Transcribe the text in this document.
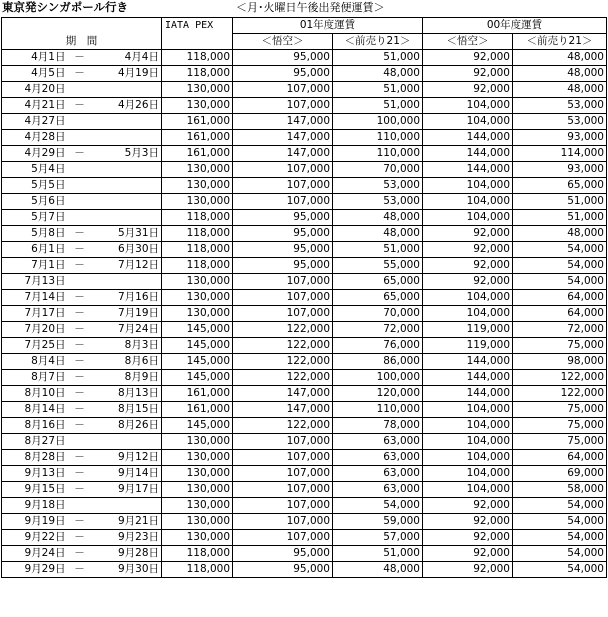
東京発シンガポール行き	＜月･火曜日午後出発便運賃＞
期　間			IATA PEX	01年度運賃		00年度運賃	
				＜悟空＞	＜前売り21＞	＜悟空＞	＜前売り21＞
4月1日	－	4月4日	118,000	95,000	51,000	92,000	48,000
4月5日	－	4月19日	118,000	95,000	48,000	92,000	48,000
4月20日			130,000	107,000	51,000	92,000	48,000
4月21日	－	4月26日	130,000	107,000	51,000	104,000	53,000
4月27日			161,000	147,000	100,000	104,000	53,000
4月28日			161,000	147,000	110,000	144,000	93,000
4月29日	－	5月3日	161,000	147,000	110,000	144,000	114,000
5月4日			130,000	107,000	70,000	144,000	93,000
5月5日			130,000	107,000	53,000	104,000	65,000
5月6日			130,000	107,000	53,000	104,000	51,000
5月7日			118,000	95,000	48,000	104,000	51,000
5月8日	－	5月31日	118,000	95,000	48,000	92,000	48,000
6月1日	－	6月30日	118,000	95,000	51,000	92,000	54,000
7月1日	－	7月12日	118,000	95,000	55,000	92,000	54,000
7月13日			130,000	107,000	65,000	92,000	54,000
7月14日	－	7月16日	130,000	107,000	65,000	104,000	64,000
7月17日	－	7月19日	130,000	107,000	70,000	104,000	64,000
7月20日	－	7月24日	145,000	122,000	72,000	119,000	72,000
7月25日	－	8月3日	145,000	122,000	76,000	119,000	75,000
8月4日	－	8月6日	145,000	122,000	86,000	144,000	98,000
8月7日	－	8月9日	145,000	122,000	100,000	144,000	122,000
8月10日	－	8月13日	161,000	147,000	120,000	144,000	122,000
8月14日	－	8月15日	161,000	147,000	110,000	104,000	75,000
8月16日	－	8月26日	145,000	122,000	78,000	104,000	75,000
8月27日			130,000	107,000	63,000	104,000	75,000
8月28日	－	9月12日	130,000	107,000	63,000	104,000	64,000
9月13日	－	9月14日	130,000	107,000	63,000	104,000	69,000
9月15日	－	9月17日	130,000	107,000	63,000	104,000	58,000
9月18日			130,000	107,000	54,000	92,000	54,000
9月19日	－	9月21日	130,000	107,000	59,000	92,000	54,000
9月22日	－	9月23日	130,000	107,000	57,000	92,000	54,000
9月24日	－	9月28日	118,000	95,000	51,000	92,000	54,000
9月29日	－	9月30日	118,000	95,000	48,000	92,000	54,000
